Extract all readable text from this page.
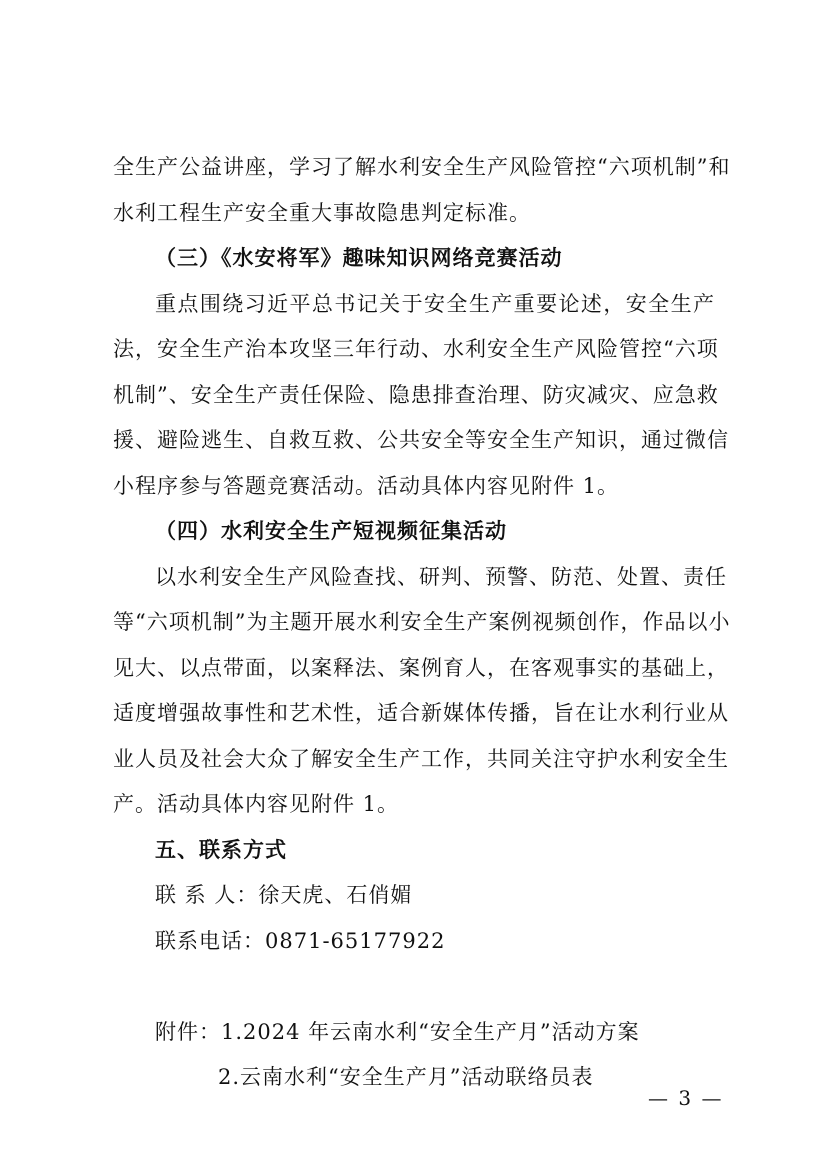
全生产公益讲座，学习了解水利安全生产风险管控“六项机制”和
水利工程生产安全重大事故隐患判定标准。
（三）《水安将军》趣味知识网络竞赛活动
重点围绕习近平总书记关于安全生产重要论述，安全生产
法，安全生产治本攻坚三年行动、水利安全生产风险管控“六项
机制”、安全生产责任保险、隐患排查治理、防灾减灾、应急救
援、避险逃生、自救互救、公共安全等安全生产知识，通过微信
小程序参与答题竞赛活动。活动具体内容见附件 1。
（四）水利安全生产短视频征集活动
以水利安全生产风险查找、研判、预警、防范、处置、责任
等“六项机制”为主题开展水利安全生产案例视频创作，作品以小
见大、以点带面，以案释法、案例育人，在客观事实的基础上，
适度增强故事性和艺术性，适合新媒体传播，旨在让水利行业从
业人员及社会大众了解安全生产工作，共同关注守护水利安全生
产。活动具体内容见附件 1。
五、联系方式
联 系 人：徐天虎、石俏媚
联系电话：0871-65177922
附件：1.2024 年云南水利“安全生产月”活动方案
2.云南水利“安全生产月”活动联络员表
— 3 —
